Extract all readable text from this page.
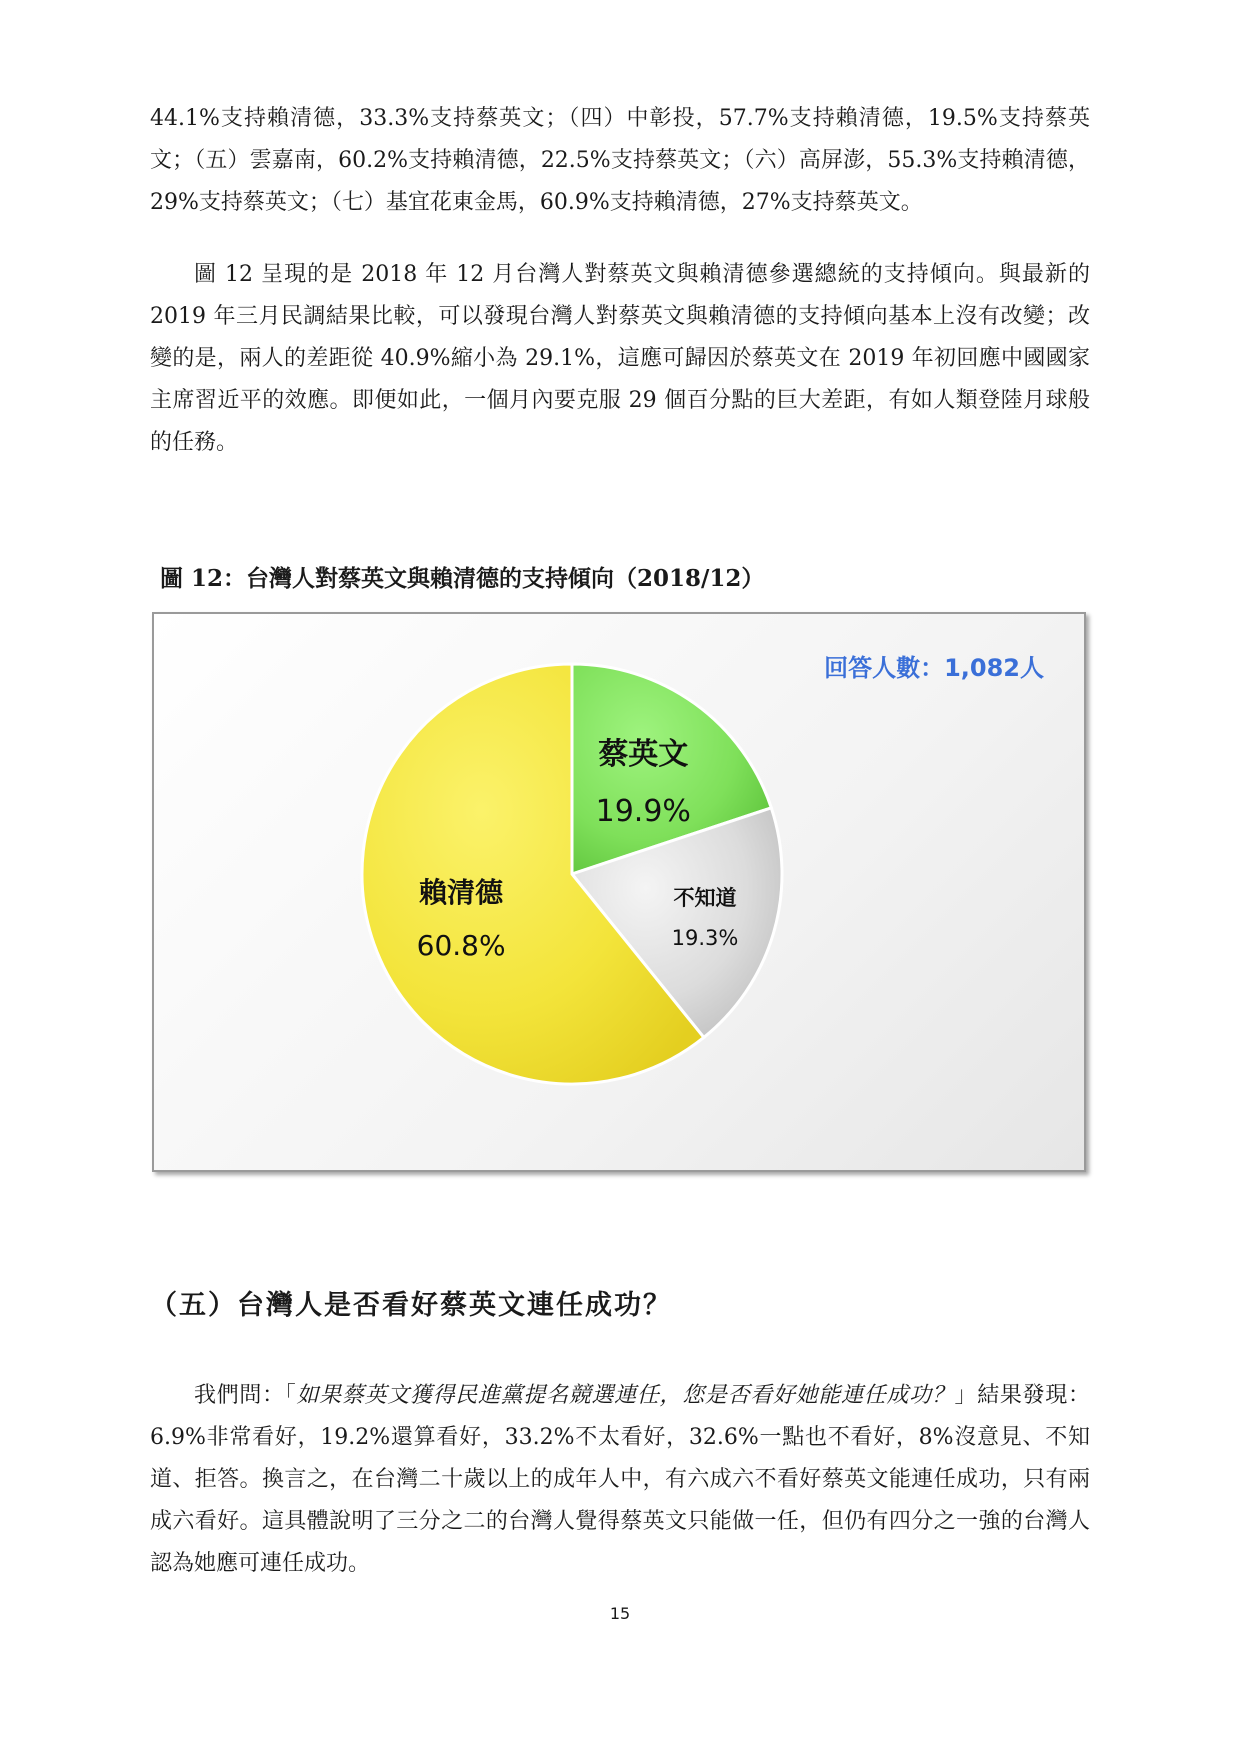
44.1%支持賴清德，33.3%支持蔡英文；（四）中彰投，57.7%支持賴清德，19.5%支持蔡英文；（五）雲嘉南，60.2%支持賴清德，22.5%支持蔡英文；（六）高屏澎，55.3%支持賴清德，29%支持蔡英文；（七）基宜花東金馬，60.9%支持賴清德，27%支持蔡英文。

圖 12 呈現的是 2018 年 12 月台灣人對蔡英文與賴清德參選總統的支持傾向。與最新的 2019 年三月民調結果比較，可以發現台灣人對蔡英文與賴清德的支持傾向基本上沒有改變；改變的是，兩人的差距從 40.9%縮小為 29.1%，這應可歸因於蔡英文在 2019 年初回應中國國家主席習近平的效應。即便如此，一個月內要克服 29 個百分點的巨大差距，有如人類登陸月球般的任務。

圖 12：台灣人對蔡英文與賴清德的支持傾向（2018/12）

蔡英文
19.9%
不知道
19.3%
賴清德
60.8%
回答人數：1,082人
（五）台灣人是否看好蔡英文連任成功？

我們問：「如果蔡英文獲得民進黨提名競選連任，您是否看好她能連任成功？」結果發現：6.9%非常看好，19.2%還算看好，33.2%不太看好，32.6%一點也不看好，8%沒意見、不知道、拒答。換言之，在台灣二十歲以上的成年人中，有六成六不看好蔡英文能連任成功，只有兩成六看好。這具體說明了三分之二的台灣人覺得蔡英文只能做一任，但仍有四分之一強的台灣人認為她應可連任成功。

15
